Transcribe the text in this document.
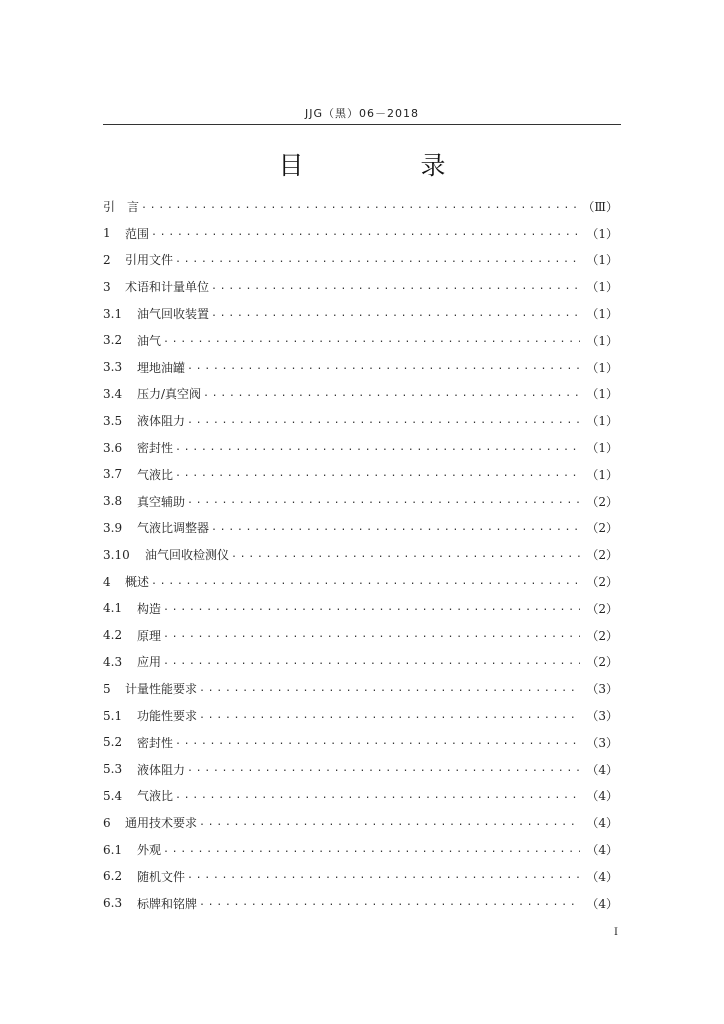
JJG（黑）06－2018
目　录
引　言 .....	（Ⅲ）
1	范围 .....	（1）
2	引用文件 .....	（1）
3	术语和计量单位 .....	（1）
3.1	油气回收装置 .....	（1）
3.2	油气 .....	（1）
3.3	埋地油罐 .....	（1）
3.4	压力/真空阀 .....	（1）
3.5	液体阻力 .....	（1）
3.6	密封性 .....	（1）
3.7	气液比 .....	（1）
3.8	真空辅助 .....	（2）
3.9	气液比调整器 .....	（2）
3.10	油气回收检测仪 .....	（2）
4	概述 .....	（2）
4.1	构造 .....	（2）
4.2	原理 .....	（2）
4.3	应用 .....	（2）
5	计量性能要求 .....	（3）
5.1	功能性要求 .....	（3）
5.2	密封性 .....	（3）
5.3	液体阻力 .....	（4）
5.4	气液比 .....	（4）
6	通用技术要求 .....	（4）
6.1	外观 .....	（4）
6.2	随机文件 .....	（4）
6.3	标牌和铭牌 .....	（4）
Ⅰ
